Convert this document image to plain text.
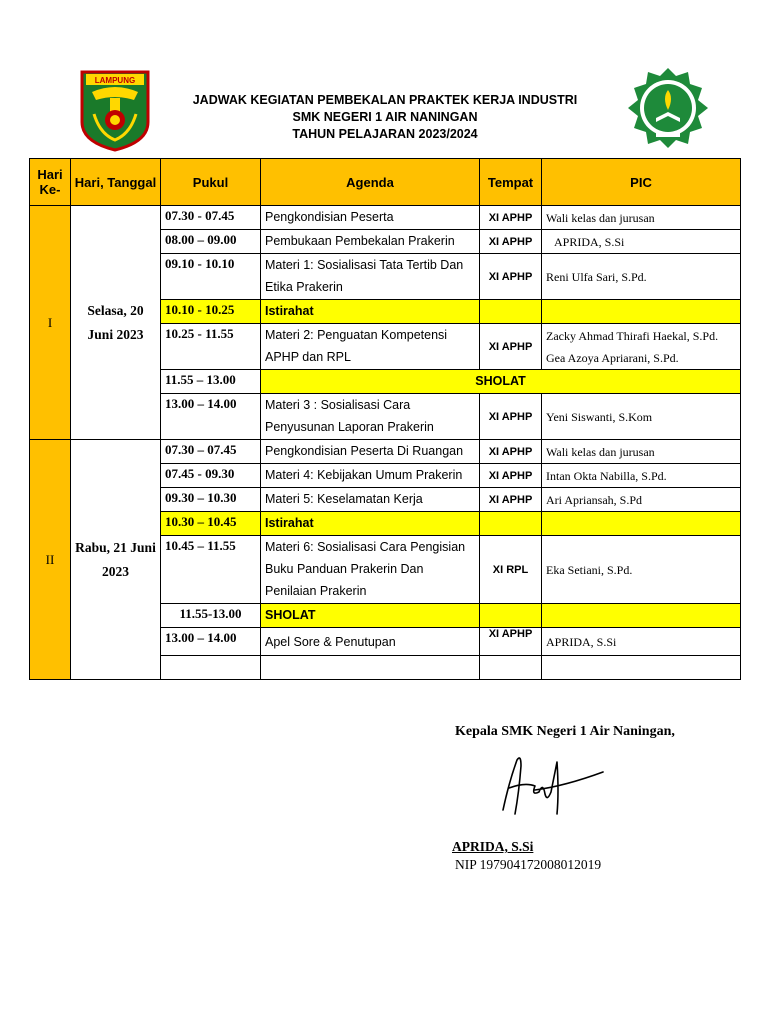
LAMPUNG
JADWAK KEGIATAN PEMBEKALAN PRAKTEK KERJA INDUSTRI
SMK NEGERI 1 AIR NANINGAN
TAHUN PELAJARAN 2023/2024
Hari Ke-	Hari, Tanggal	Pukul	Agenda	Tempat	PIC
I	Selasa, 20 Juni 2023	07.30 - 07.45	Pengkondisian Peserta	XI APHP	Wali kelas dan jurusan
		08.00 – 09.00	Pembukaan Pembekalan Prakerin	XI APHP	APRIDA, S.Si
		09.10 - 10.10	Materi 1: Sosialisasi Tata Tertib Dan Etika Prakerin	XI APHP	Reni Ulfa Sari, S.Pd.
		10.10 - 10.25	Istirahat		
		10.25 - 11.55	Materi 2: Penguatan Kompetensi APHP dan RPL	XI APHP	Zacky Ahmad Thirafi Haekal, S.Pd. Gea Azoya Apriarani, S.Pd.
		11.55 – 13.00	SHOLAT		
		13.00 – 14.00	Materi 3 : Sosialisasi Cara Penyusunan Laporan Prakerin	XI APHP	Yeni Siswanti, S.Kom
II	Rabu, 21 Juni 2023	07.30 – 07.45	Pengkondisian Peserta Di Ruangan	XI APHP	Wali kelas dan jurusan
		07.45 - 09.30	Materi 4: Kebijakan Umum Prakerin	XI APHP	Intan Okta Nabilla, S.Pd.
		09.30 – 10.30	Materi 5: Keselamatan Kerja	XI APHP	Ari Apriansah, S.Pd
		10.30 – 10.45	Istirahat		
		10.45 – 11.55	Materi 6: Sosialisasi Cara Pengisian Buku Panduan Prakerin Dan Penilaian Prakerin	XI RPL	Eka Setiani, S.Pd.
		11.55-13.00	SHOLAT		
		13.00 – 14.00	Apel Sore & Penutupan	XI APHP	APRIDA, S.Si

Kepala SMK Negeri 1 Air Naningan,
APRIDA, S.Si
NIP 197904172008012019
